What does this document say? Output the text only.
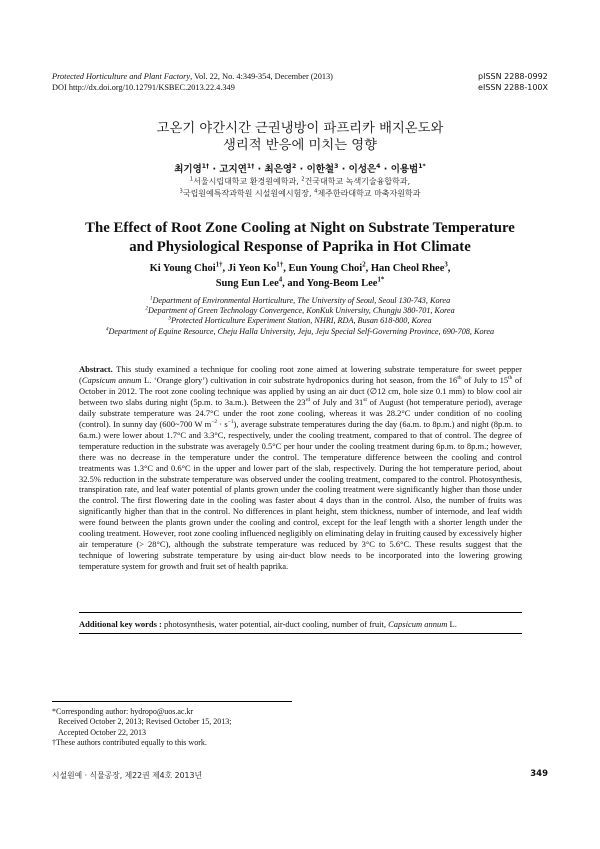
Protected Horticulture and Plant Factory, Vol. 22, No. 4:349-354, December (2013)
DOI http://dx.doi.org/10.12791/KSBEC.2013.22.4.349
pISSN 2288-0992
eISSN 2288-100X
고온기 야간시간 근권냉방이 파프리카 배지온도와
생리적 반응에 미치는 영향
최기영$^{1\dagger}$ · 고지연$^{1\dagger}$ · 최은영$^2$ · 이한철$^3$ · 이성은$^4$ · 이용범$^{1*}$
$^1$서울시립대학교 환경원예학과, $^2$건국대학교 녹색기술융합학과,
$^3$국립원예특작과학원 시설원예시험장, $^4$제주한라대학교 마축자원학과
The Effect of Root Zone Cooling at Night on Substrate Temperature
and Physiological Response of Paprika in Hot Climate
Ki Young Choi$^{1\dagger}$, Ji Yeon $Ko^{1\dagger}$, Eun Young Choi$^2$, Han Cheol Rhee$^3$,
Sung Eun Lee$^4$, and Yong-Beom Lee$^{1*}$
$^1$Department of Environmental Horticulture, The University of Seoul, Seoul 130-743, Korea
$^2$Department of Green Technology Convergence, KonKuk University, Chungju 380-701, Korea
$^3$Protected Horticulture Experiment Station, NHRI, RDA, Busan 618-800, Korea
$^4$Department of Equine Resource, Cheju Halla University, Jeju, Jeju Special Self-Governing Province, 690-708, Korea
Abstract. This study examined a technique for cooling root zone aimed at lowering substrate temperature for sweet pepper (Capsicum annum L. ‘Orange glory’) cultivation in coir substrate hydroponics during hot season, from the 16th of July to 15th of October in 2012. The root zone cooling technique was applied by using an air duct (∅12 cm, hole size 0.1 mm) to blow cool air between two slabs during night (5p.m. to 3a.m.). Between the 23rd of July and 31st of August (hot temperature period), average daily substrate temperature was 24.7°C under the root zone cooling, whereas it was 28.2°C under condition of no cooling (control). In sunny day (600~700 W $m^{-2} \cdot s^{-1}$), average substrate temperatures during the day (6a.m. to 8p.m.) and night (8p.m. to 6a.m.) were lower about 1.7°C and 3.3°C, respectively, under the cooling treatment, compared to that of control. The degree of temperature reduction in the substrate was averagely 0.5°C per hour under the cooling treatment during 6p.m. to 8p.m.; however, there was no decrease in the temperature under the control. The temperature difference between the cooling and control treatments was 1.3°C and 0.6°C in the upper and lower part of the slab, respectively. During the hot temperature period, about 32.5% reduction in the substrate temperature was observed under the cooling treatment, compared to the control. Photosynthesis, transpiration rate, and leaf water potential of plants grown under the cooling treatment were significantly higher than those under the control. The first flowering date in the cooling was faster about 4 days than in the control. Also, the number of fruits was significantly higher than that in the control. No differences in plant height, stem thickness, number of internode, and leaf width were found between the plants grown under the cooling and control, except for the leaf length with a shorter length under the cooling treatment. However, root zone cooling influenced negligibly on eliminating delay in fruiting caused by excessively higher air temperature (> 28°C), although the substrate temperature was reduced by 3°C to 5.6°C. These results suggest that the technique of lowering substrate temperature by using air-duct blow needs to be incorporated into the lowering growing temperature system for growth and fruit set of health paprika.
Additional key words : photosynthesis, water potential, air-duct cooling, number of fruit, Capsicum annum L.
*Corresponding author: hydropo@uos.ac.kr
Received October 2, 2013; Revised October 15, 2013;
Accepted October 22, 2013
†These authors contributed equally to this work.
시설원예 · 식물공장, 제22권 제4호 2013년	349
